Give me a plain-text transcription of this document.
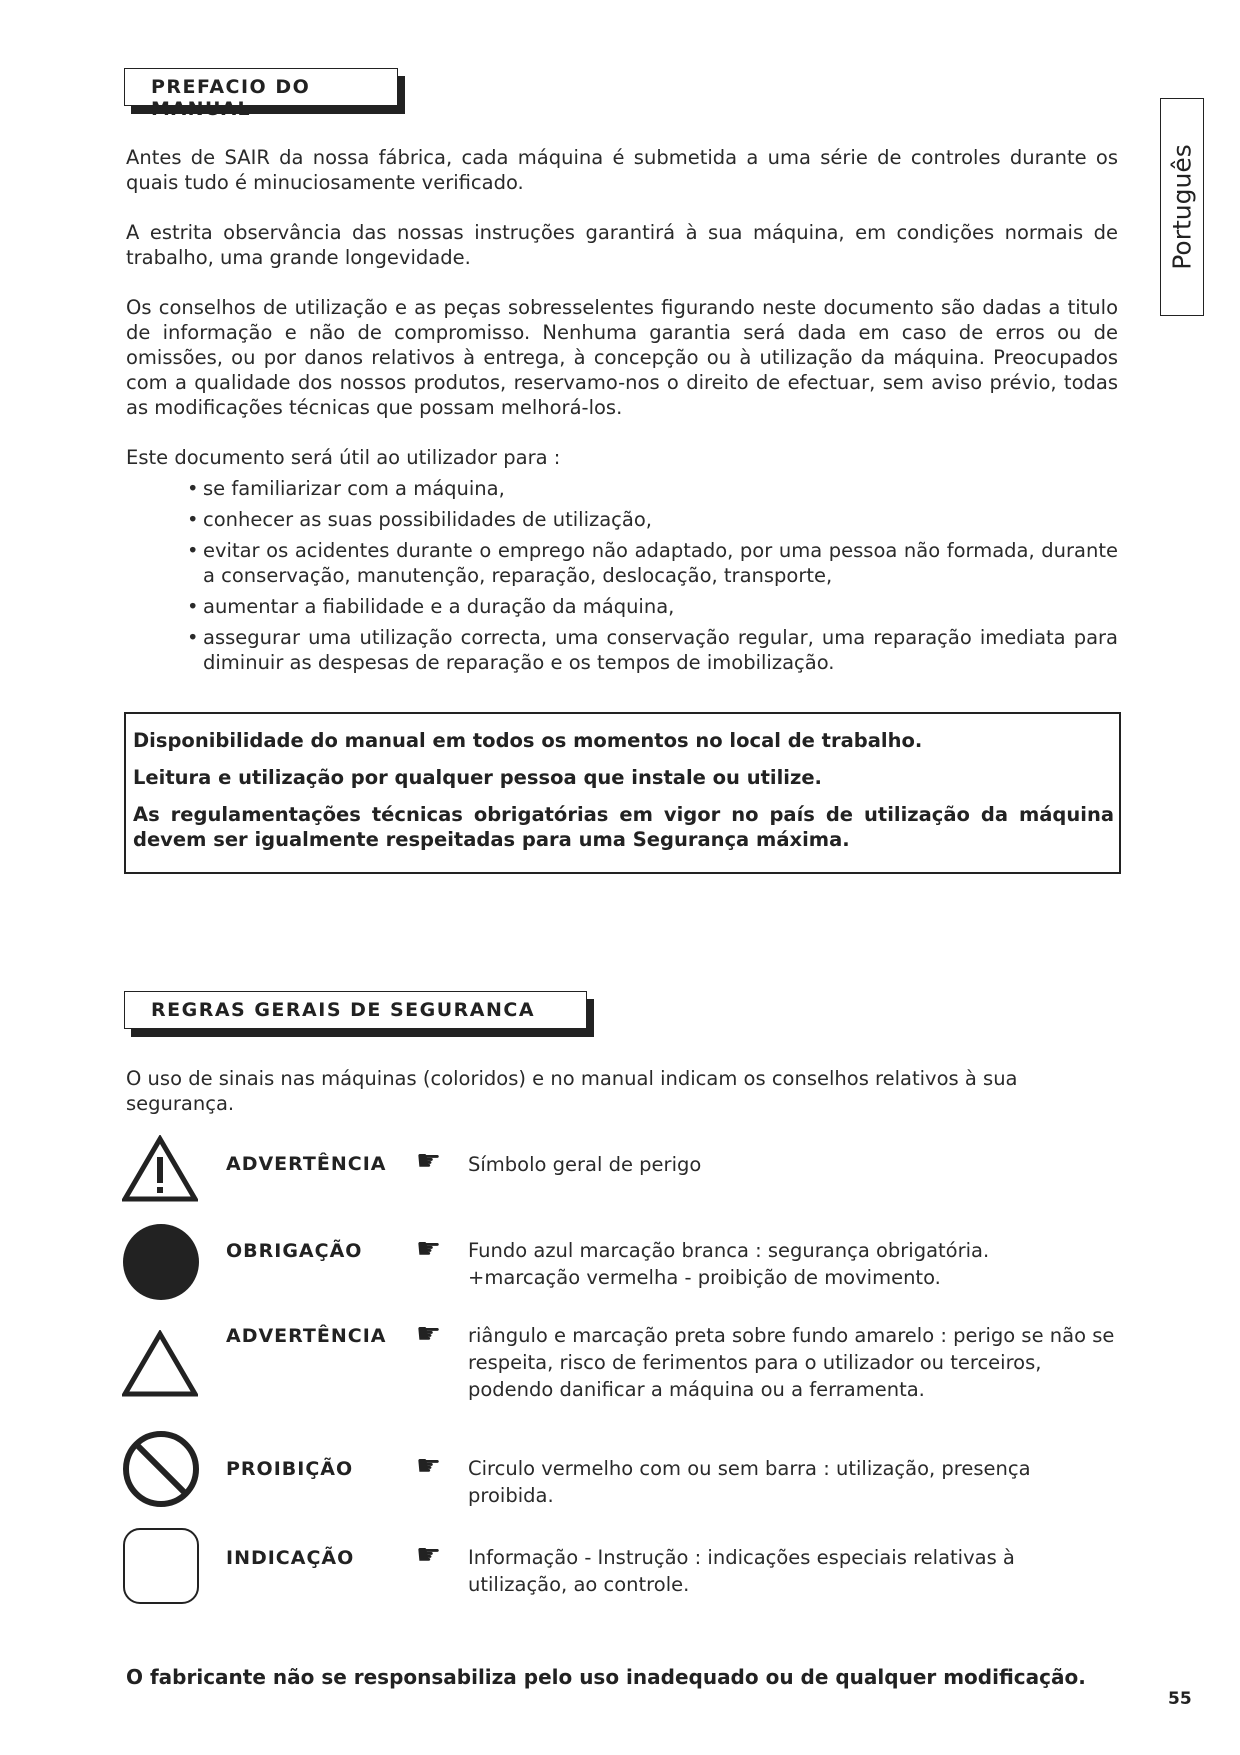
Português
PREFACIO DO MANUAL
Antes de SAIR da nossa fábrica, cada máquina é submetida a uma série de controles durante os quais tudo é minuciosamente verificado.
A estrita observância das nossas instruções garantirá à sua máquina, em condições normais de trabalho, uma grande longevidade.
Os conselhos de utilização e as peças sobresselentes figurando neste documento são dadas a titulo de informação e não de compromisso. Nenhuma garantia será dada em caso de erros ou de omissões, ou por danos relativos à entrega, à concepção ou à utilização da máquina. Preocupados com a qualidade dos nossos produtos, reservamo-nos o direito de efectuar, sem aviso prévio, todas as modificações técnicas que possam melhorá-los.
Este documento será útil ao utilizador para :
• se familiarizar com a máquina,
• conhecer as suas possibilidades de utilização,
• evitar os acidentes durante o emprego não adaptado, por uma pessoa não formada, durante a conservação, manutenção, reparação, deslocação, transporte,
• aumentar a fiabilidade e a duração da máquina,
• assegurar uma utilização correcta, uma conservação regular, uma reparação imediata para diminuir as despesas de reparação e os tempos de imobilização.

Disponibilidade do manual em todos os momentos no local de trabalho.

Leitura e utilização por qualquer pessoa que instale ou utilize.

As regulamentações técnicas obrigatórias em vigor no país de utilização da máquina devem ser igualmente respeitadas para uma Segurança máxima.

REGRAS GERAIS DE SEGURANCA
O uso de sinais nas máquinas (coloridos) e no manual indicam os conselhos relativos à sua segurança.
ADVERTÊNCIA ☛ Símbolo geral de perigo
OBRIGAÇÃO ☛ Fundo azul marcação branca : segurança obrigatória.
+marcação vermelha - proibição de movimento.
ADVERTÊNCIA ☛ riângulo e marcação preta sobre fundo amarelo : perigo se não se respeita, risco de ferimentos para o utilizador ou terceiros, podendo danificar a máquina ou a ferramenta.
PROIBIÇÃO ☛ Circulo vermelho com ou sem barra : utilização, presença proibida.
INDICAÇÃO ☛ Informação - Instrução : indicações especiais relativas à utilização, ao controle.
O fabricante não se responsabiliza pelo uso inadequado ou de qualquer modificação.
55
